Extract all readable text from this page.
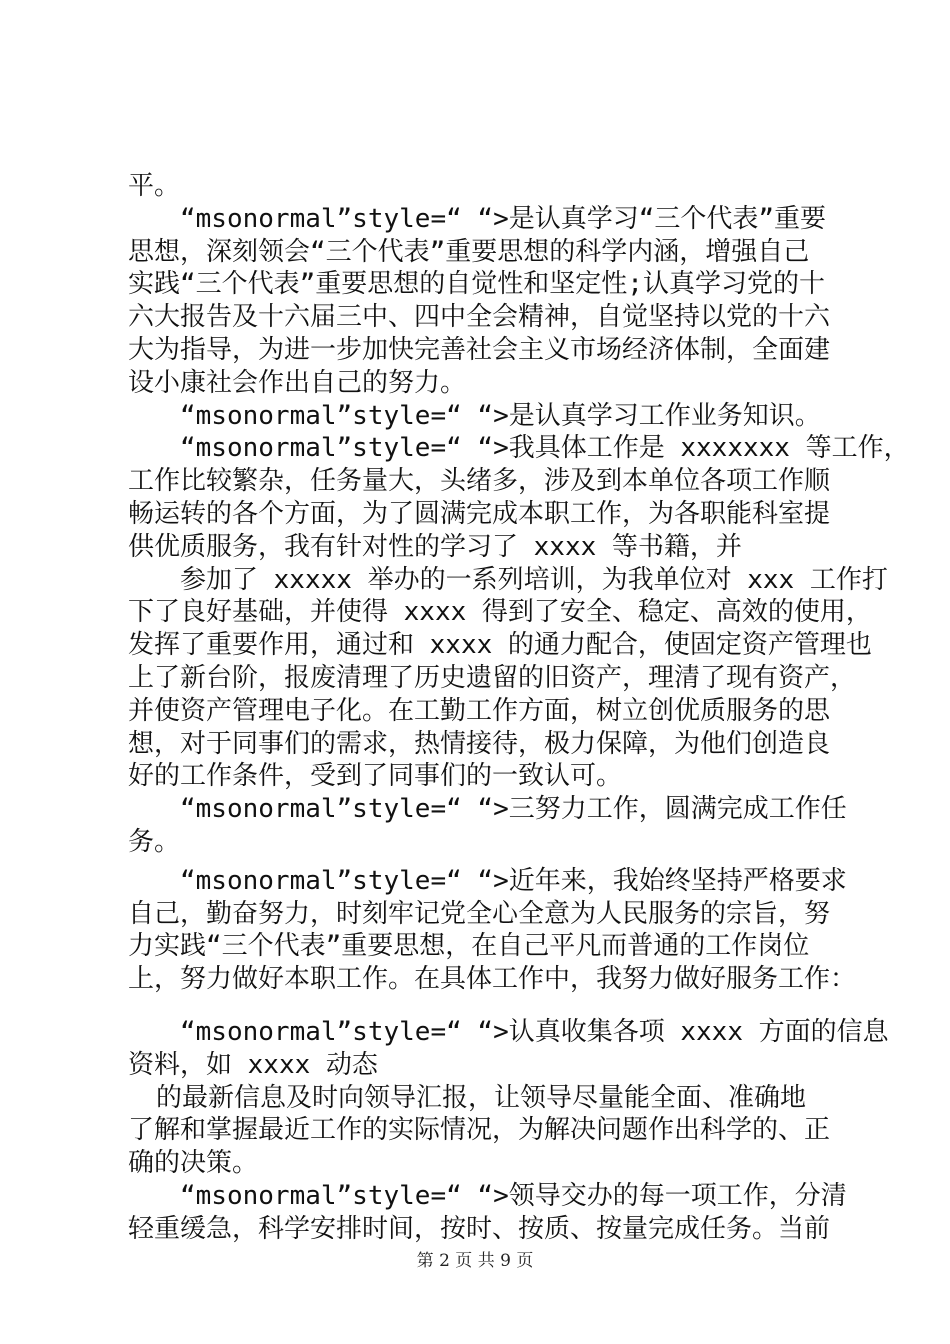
平。
“msonormal”style=“ “>是认真学习“三个代表”重要
思想，深刻领会“三个代表”重要思想的科学内涵，增强自己
实践“三个代表”重要思想的自觉性和坚定性;认真学习党的十
六大报告及十六届三中、四中全会精神，自觉坚持以党的十六
大为指导，为进一步加快完善社会主义市场经济体制，全面建
设小康社会作出自己的努力。
“msonormal”style=“ “>是认真学习工作业务知识。
“msonormal”style=“ “>我具体工作是 xxxxxxx 等工作，
工作比较繁杂，任务量大，头绪多，涉及到本单位各项工作顺
畅运转的各个方面，为了圆满完成本职工作，为各职能科室提
供优质服务，我有针对性的学习了 xxxx 等书籍，并
参加了 xxxxx 举办的一系列培训，为我单位对 xxx 工作打
下了良好基础，并使得 xxxx 得到了安全、稳定、高效的使用，
发挥了重要作用，通过和 xxxx 的通力配合，使固定资产管理也
上了新台阶，报废清理了历史遗留的旧资产，理清了现有资产，
并使资产管理电子化。在工勤工作方面，树立创优质服务的思
想，对于同事们的需求，热情接待，极力保障，为他们创造良
好的工作条件，受到了同事们的一致认可。
“msonormal”style=“ “>三努力工作，圆满完成工作任
务。
“msonormal”style=“ “>近年来，我始终坚持严格要求
自己，勤奋努力，时刻牢记党全心全意为人民服务的宗旨，努
力实践“三个代表”重要思想，在自己平凡而普通的工作岗位
上，努力做好本职工作。在具体工作中，我努力做好服务工作：
“msonormal”style=“ “>认真收集各项 xxxx 方面的信息
资料，如 xxxx 动态
的最新信息及时向领导汇报，让领导尽量能全面、准确地
了解和掌握最近工作的实际情况，为解决问题作出科学的、正
确的决策。
“msonormal”style=“ “>领导交办的每一项工作，分清
轻重缓急，科学安排时间，按时、按质、按量完成任务。当前
第 2 页 共 9 页
